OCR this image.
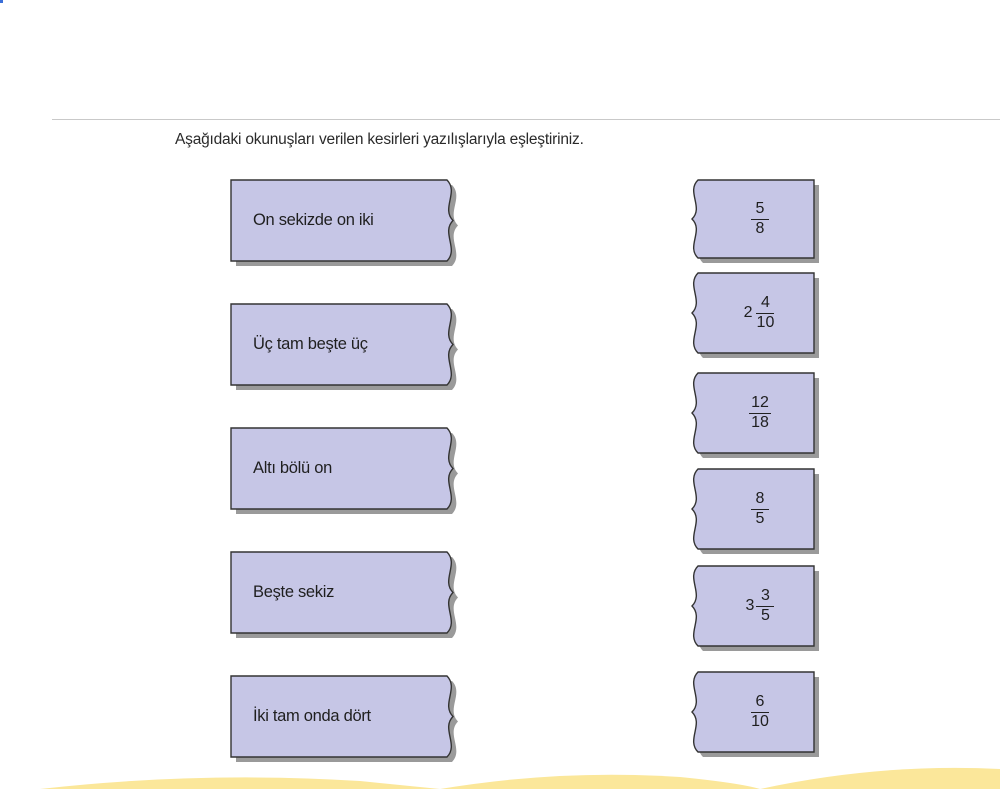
Aşağıdaki okunuşları verilen kesirleri yazılışlarıyla eşleştiriniz.
On sekizde on iki
Üç tam beşte üç
Altı bölü on
Beşte sekiz
İki tam onda dört
$\frac{5}{8}$
$2 \frac{4}{10}$
$\frac{12}{18}$
$\frac{8}{5}$
$3 \frac{3}{5}$
$\frac{6}{10}$
